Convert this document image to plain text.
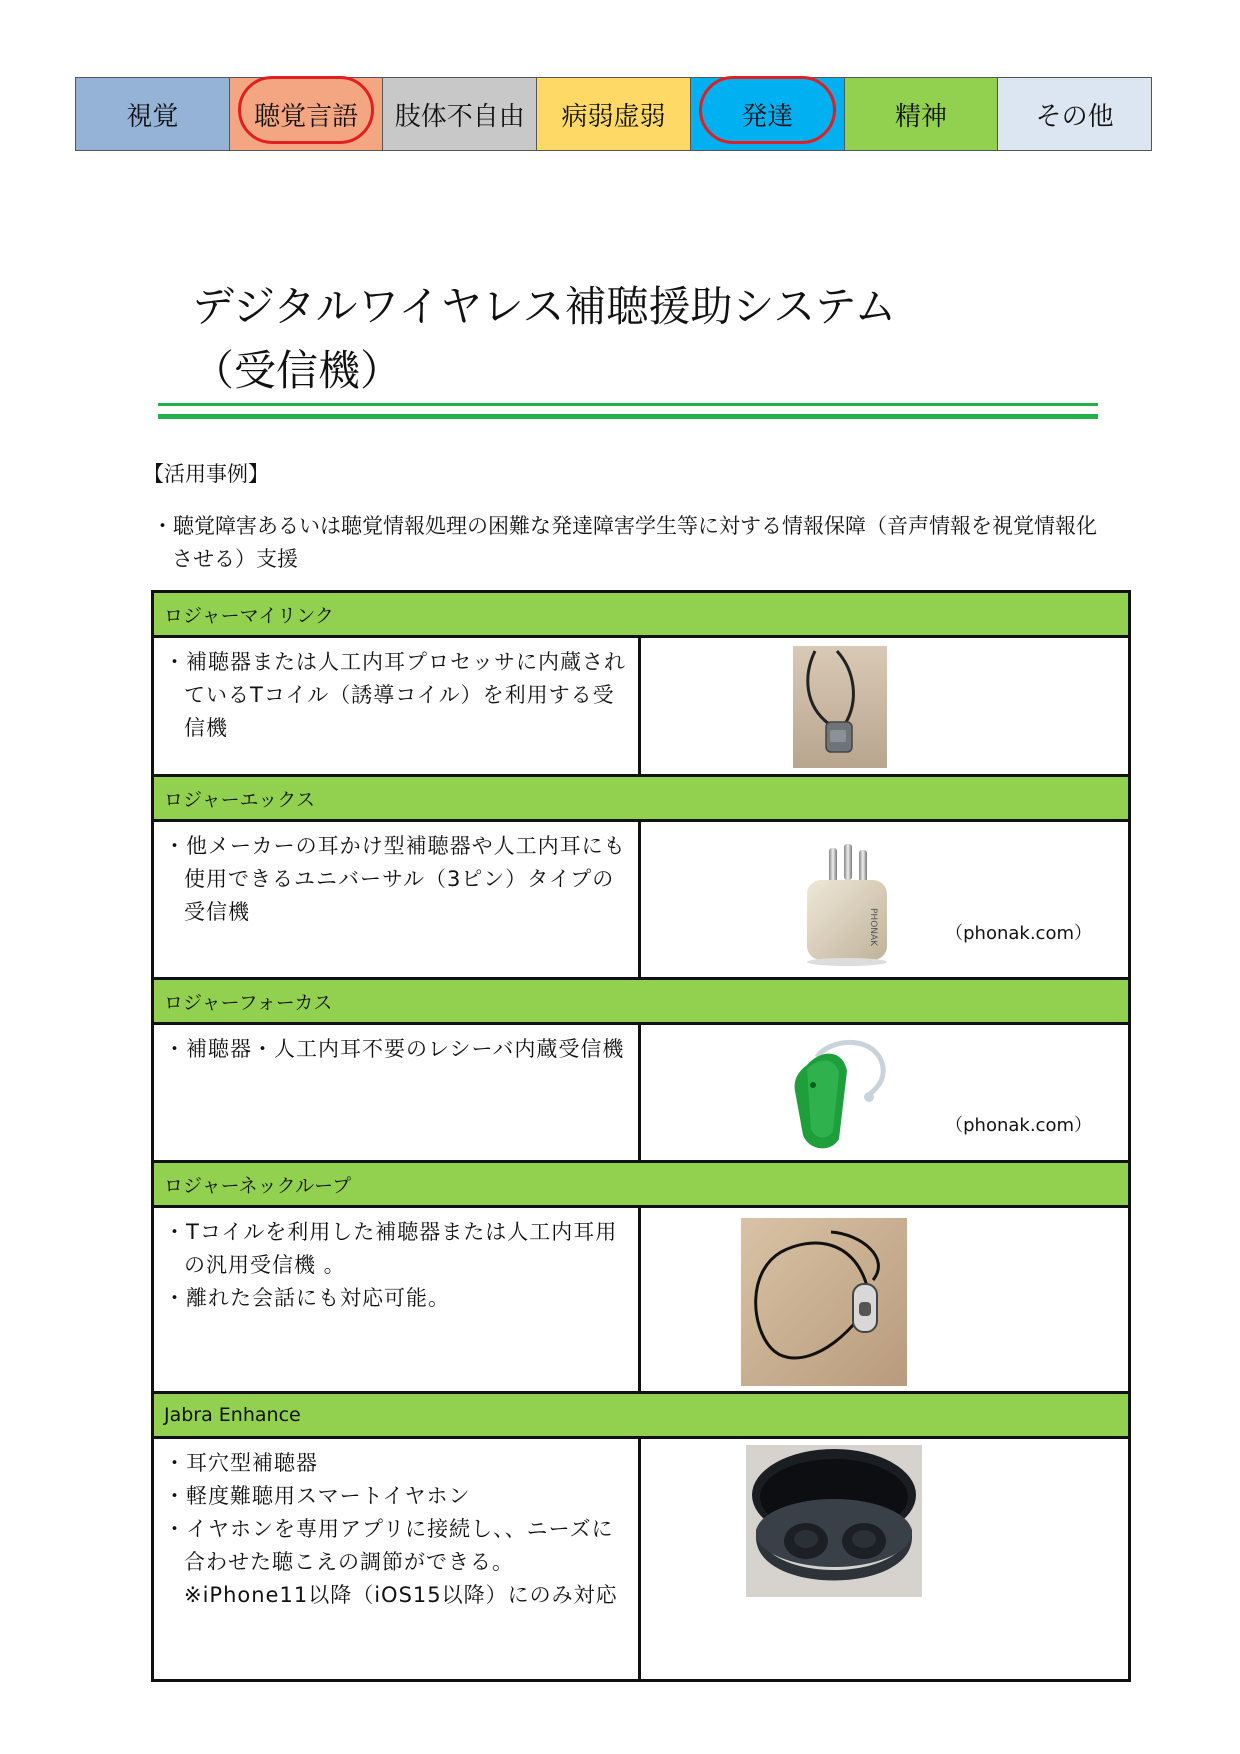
視覚	聴覚言語 肢体不自由 病弱虚弱	発達	精神	その他
デジタルワイヤレス補聴援助システム
（受信機）
【活用事例】

・聴覚障害あるいは聴覚情報処理の困難な発達障害学生等に対する情報保障（音声情報を視覚情報化させる）支援

ロジャーマイリンク

・補聴器または人工内耳プロセッサに内蔵されているTコイル（誘導コイル）を利用する受信機

ロジャーエックス

・他メーカーの耳かけ型補聴器や人工内耳にも使用できるユニバーサル（3ピン）タイプの受信機	PHONAK	（phonak.com）
ロジャーフォーカス

・補聴器・人工内耳不要のレシーバ内蔵受信機

（phonak.com）
ロジャーネックループ

・Tコイルを利用した補聴器または人工内耳用の汎用受信機 。

・離れた会話にも対応可能。

Jabra Enhance

・耳穴型補聴器

・軽度難聴用スマートイヤホン

・イヤホンを専用アプリに接続し、、ニーズに合わせた聴こえの調節ができる。※iPhone11以降（iOS15以降）にのみ対応
